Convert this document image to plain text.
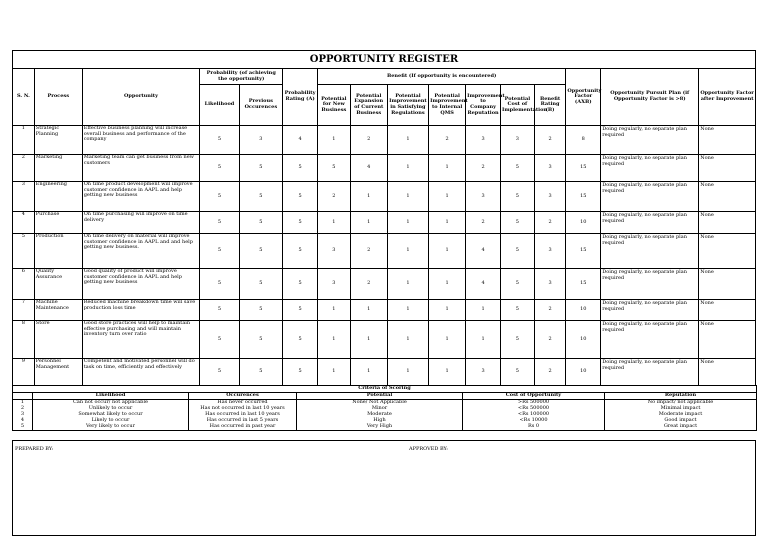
OPPORTUNITY REGISTER
S. N.	Process	Opportunity	Probability (of achieving the opportunity)		Probability Rating (A)	Benefit (If opportunity is encountered)							Opportunity Factor (AXB)	Opportunity Pursuit Plan (if Opportunity Factor is >8)	Opportunity Factor after Improvement
			Likelihood	Previous Occurences		Potential for New Business	Potential Expansion of Current Business	Potential Improvement in Satisfying Regulations	Potential Improvement to Internal QMS	Improvement to Company Reputation	Potential Cost of Implementation	Benefit Rating (B)			
1	Strategic Planning	Effective business planning will increase overall business and performance of the company	5	3	4	1	2	1	2	3	3	2	8	Doing regularly, no separate plan required	None
2	Marketing	Marketing team can get business from new customers	5	5	5	5	4	1	1	2	5	3	15	Doing regularly, no separate plan required	None
3	Engineering	On time product development will improve customer confidence in AAPL and help getting new business	5	5	5	2	1	1	1	3	5	3	15	Doing regularly, no separate plan required	None
4	Purchase	On time purchasing will improve on time delivery	5	5	5	1	1	1	1	2	5	2	10	Doing regularly, no separate plan required	None
5	Production	On time delivery on material will improve customer confidence in AAPL and and help getting new business.	5	5	5	3	2	1	1	4	5	3	15	Doing regularly, no separate plan required	None
6	Quality Assurance	Good quality of product will improve customer confidence in AAPL and help getting new business	5	5	5	3	2	1	1	4	5	3	15	Doing regularly, no separate plan required	None
7	Machine Maintenance	Reduced machine breakdown time will save production loss time	5	5	5	1	1	1	1	1	5	2	10	Doing regularly, no separate plan required	None
8	Store	Good store practices will help to maintain effective purchasing and will maintain inventory turn over ratio	5	5	5	1	1	1	1	1	5	2	10	Doing regularly, no separate plan required	None
9	Personnel Management	Competent and motivated personnel will do task on time, efficiently and effectively	5	5	5	1	1	1	1	3	5	2	10	Doing regularly, no separate plan required	None
Criteria of Scoring					
	Likelihood	Occurences	Potential	Cost of Opportunity	Reputation
1	Can not occur/ not applicable	Has never occurred	None/ Not Applicable	>Rs 500000	No impact/ not applicable
2	Unlikely to occur	Has not occurred in last 10 years	Minor	<Rs 500000	Minimal impact
3	Somewhat likely to occur	Has occurred in last 10 years	Moderate	<Rs 100000	Moderate impact
4	Likely to occur	Has occurred in last 5 years	High	<Rs 10000	Good impact
5	Very likely to occur	Has occurred in past year	Very High	Rs 0	Great impact
PREPARED BY:	APPROVED BY:
